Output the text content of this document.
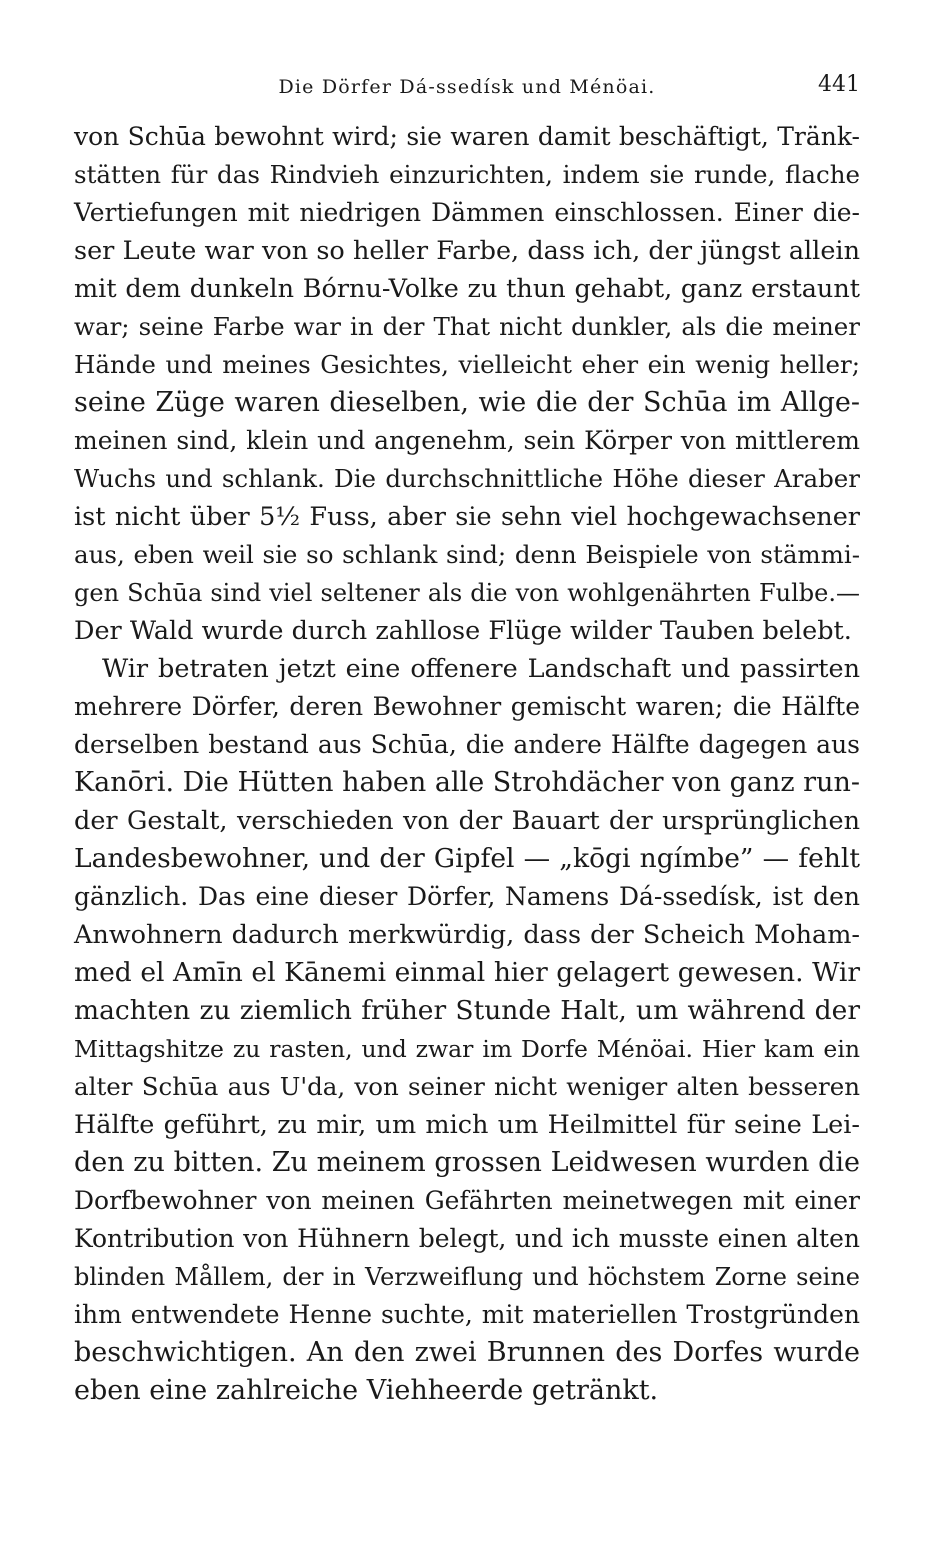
Die Dörfer Dá-ssedísk und Ménöai.	441
von Schūa bewohnt wird; sie waren damit beschäftigt, Tränk-
stätten für das Rindvieh einzurichten, indem sie runde, flache
Vertiefungen mit niedrigen Dämmen einschlossen. Einer die-
ser Leute war von so heller Farbe, dass ich, der jüngst allein
mit dem dunkeln Bórnu-Volke zu thun gehabt, ganz erstaunt
war; seine Farbe war in der That nicht dunkler, als die meiner
Hände und meines Gesichtes, vielleicht eher ein wenig heller;
seine Züge waren dieselben, wie die der Schūa im Allge-
meinen sind, klein und angenehm, sein Körper von mittlerem
Wuchs und schlank. Die durchschnittliche Höhe dieser Araber
ist nicht über 5½ Fuss, aber sie sehn viel hochgewachsener
aus, eben weil sie so schlank sind; denn Beispiele von stämmi-
gen Schūa sind viel seltener als die von wohlgenährten Fulbe.—
Der Wald wurde durch zahllose Flüge wilder Tauben belebt.
Wir betraten jetzt eine offenere Landschaft und passirten
mehrere Dörfer, deren Bewohner gemischt waren; die Hälfte
derselben bestand aus Schūa, die andere Hälfte dagegen aus
Kanōri. Die Hütten haben alle Strohdächer von ganz run-
der Gestalt, verschieden von der Bauart der ursprünglichen
Landesbewohner, und der Gipfel — „kōgi ngímbe” — fehlt
gänzlich. Das eine dieser Dörfer, Namens Dá-ssedísk, ist den
Anwohnern dadurch merkwürdig, dass der Scheich Moham-
med el Amīn el Kānemi einmal hier gelagert gewesen. Wir
machten zu ziemlich früher Stunde Halt, um während der
Mittagshitze zu rasten, und zwar im Dorfe Ménöai. Hier kam ein
alter Schūa aus U'da, von seiner nicht weniger alten besseren
Hälfte geführt, zu mir, um mich um Heilmittel für seine Lei-
den zu bitten. Zu meinem grossen Leidwesen wurden die
Dorfbewohner von meinen Gefährten meinetwegen mit einer
Kontribution von Hühnern belegt, und ich musste einen alten
blinden Mållem, der in Verzweiflung und höchstem Zorne seine
ihm entwendete Henne suchte, mit materiellen Trostgründen
beschwichtigen. An den zwei Brunnen des Dorfes wurde
eben eine zahlreiche Viehheerde getränkt.
